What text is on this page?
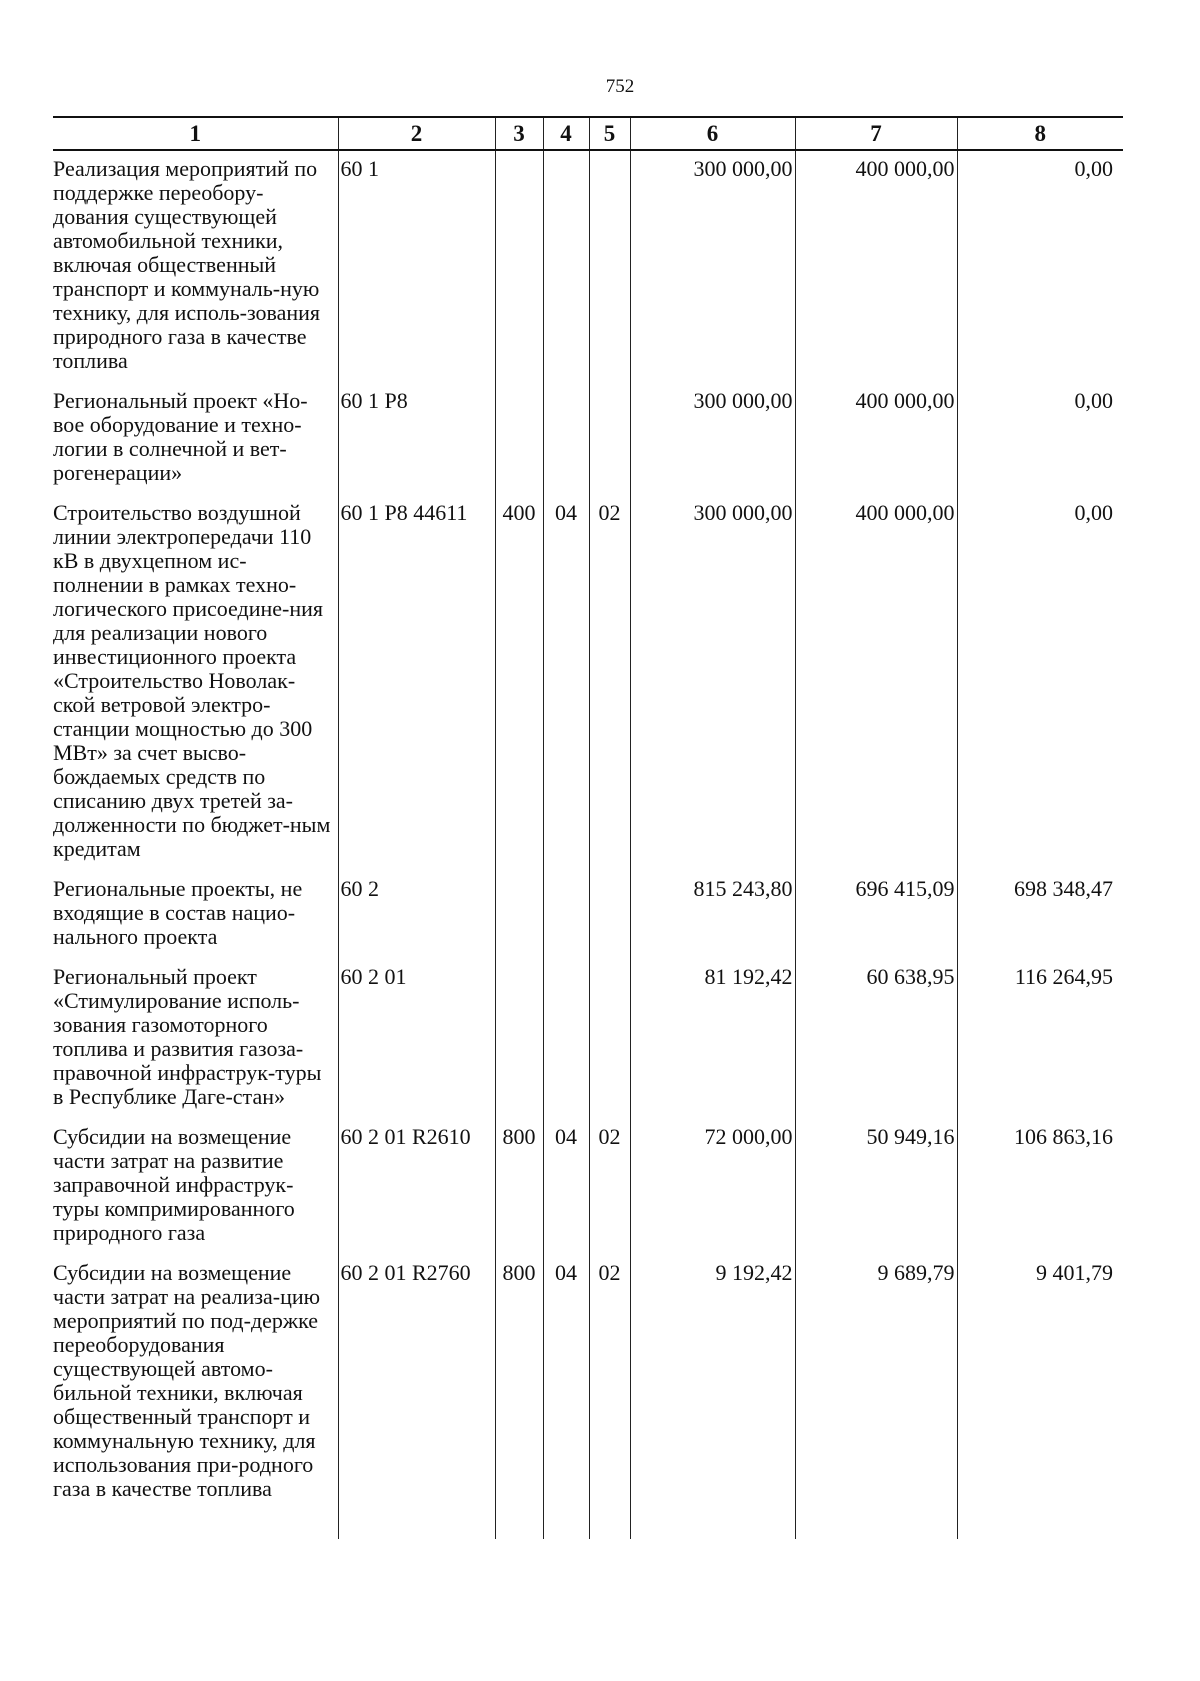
752
1	2	3	4	5	6	7	8
Реализация мероприятий по поддержке переобору-дования существующей автомобильной техники, включая общественный транспорт и коммуналь-ную технику, для исполь-зования природного газа в качестве топлива	60 1				300 000,00	400 000,00	0,00
Региональный проект «Но-вое оборудование и техно-логии в солнечной и вет-рогенерации»	60 1 Р8				300 000,00	400 000,00	0,00
Строительство воздушной линии электропередачи 110 кВ в двухцепном ис-полнении в рамках техно-логического присоедине-ния для реализации нового инвестиционного проекта «Строительство Новолак-ской ветровой электро-станции мощностью до 300 МВт» за счет высво-бождаемых средств по списанию двух третей за-долженности по бюджет-ным кредитам	60 1 Р8 44611	400	04	02	300 000,00	400 000,00	0,00
Региональные проекты, не входящие в состав нацио-нального проекта	60 2				815 243,80	696 415,09	698 348,47
Региональный проект «Стимулирование исполь-зования газомоторного топлива и развития газоза-правочной инфраструк-туры в Республике Даге-стан»	60 2 01				81 192,42	60 638,95	116 264,95
Субсидии на возмещение части затрат на развитие заправочной инфраструк-туры компримированного природного газа	60 2 01 R2610	800	04	02	72 000,00	50 949,16	106 863,16
Субсидии на возмещение части затрат на реализа-цию мероприятий по под-держке переоборудования существующей автомо-бильной техники, включая общественный транспорт и коммунальную технику, для использования при-родного газа в качестве топлива	60 2 01 R2760	800	04	02	9 192,42	9 689,79	9 401,79
